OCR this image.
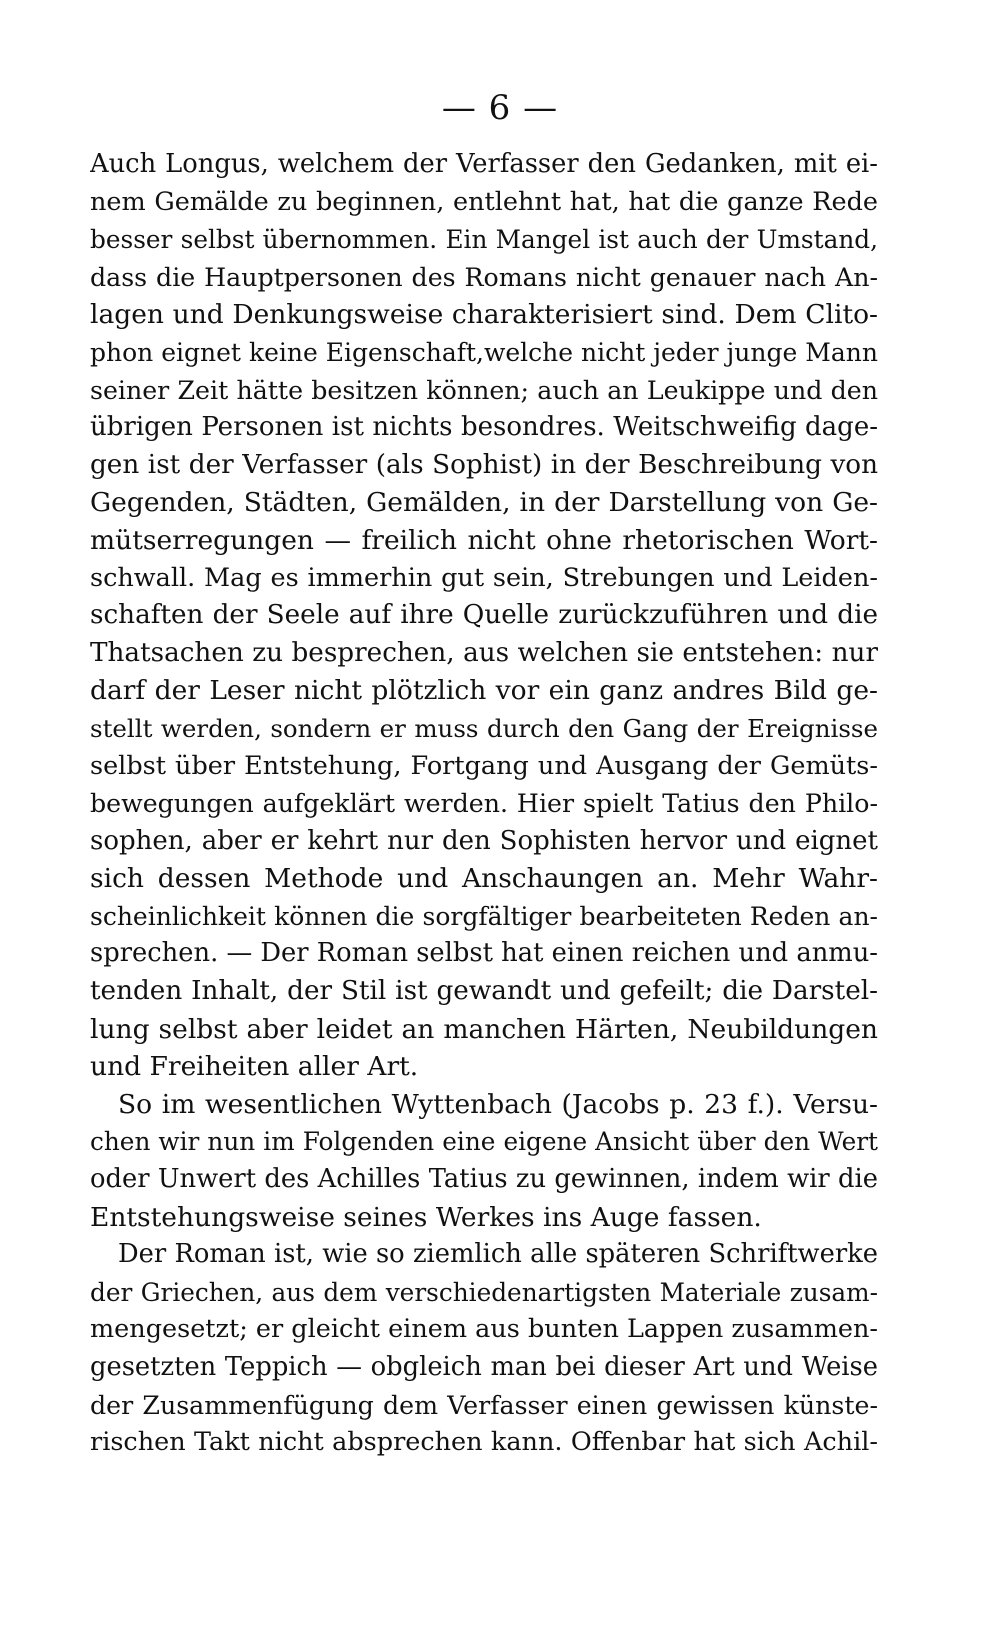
— 6 —
Auch Longus, welchem der Verfasser den Gedanken, mit ei-
nem Gemälde zu beginnen, entlehnt hat, hat die ganze Rede
besser selbst übernommen. Ein Mangel ist auch der Umstand,
dass die Hauptpersonen des Romans nicht genauer nach An-
lagen und Denkungsweise charakterisiert sind. Dem Clito-
phon eignet keine Eigenschaft,welche nicht jeder junge Mann
seiner Zeit hätte besitzen können; auch an Leukippe und den
übrigen Personen ist nichts besondres. Weitschweifig dage-
gen ist der Verfasser (als Sophist) in der Beschreibung von
Gegenden, Städten, Gemälden, in der Darstellung von Ge-
mütserregungen — freilich nicht ohne rhetorischen Wort-
schwall. Mag es immerhin gut sein, Strebungen und Leiden-
schaften der Seele auf ihre Quelle zurückzuführen und die
Thatsachen zu besprechen, aus welchen sie entstehen: nur
darf der Leser nicht plötzlich vor ein ganz andres Bild ge-
stellt werden, sondern er muss durch den Gang der Ereignisse
selbst über Entstehung, Fortgang und Ausgang der Gemüts-
bewegungen aufgeklärt werden. Hier spielt Tatius den Philo-
sophen, aber er kehrt nur den Sophisten hervor und eignet
sich dessen Methode und Anschaungen an. Mehr Wahr-
scheinlichkeit können die sorgfältiger bearbeiteten Reden an-
sprechen. — Der Roman selbst hat einen reichen und anmu-
tenden Inhalt, der Stil ist gewandt und gefeilt; die Darstel-
lung selbst aber leidet an manchen Härten, Neubildungen
und Freiheiten aller Art.
So im wesentlichen Wyttenbach (Jacobs p. 23 f.). Versu-
chen wir nun im Folgenden eine eigene Ansicht über den Wert
oder Unwert des Achilles Tatius zu gewinnen, indem wir die
Entstehungsweise seines Werkes ins Auge fassen.
Der Roman ist, wie so ziemlich alle späteren Schriftwerke
der Griechen, aus dem verschiedenartigsten Materiale zusam-
mengesetzt; er gleicht einem aus bunten Lappen zusammen-
gesetzten Teppich — obgleich man bei dieser Art und Weise
der Zusammenfügung dem Verfasser einen gewissen künste-
rischen Takt nicht absprechen kann. Offenbar hat sich Achil-
